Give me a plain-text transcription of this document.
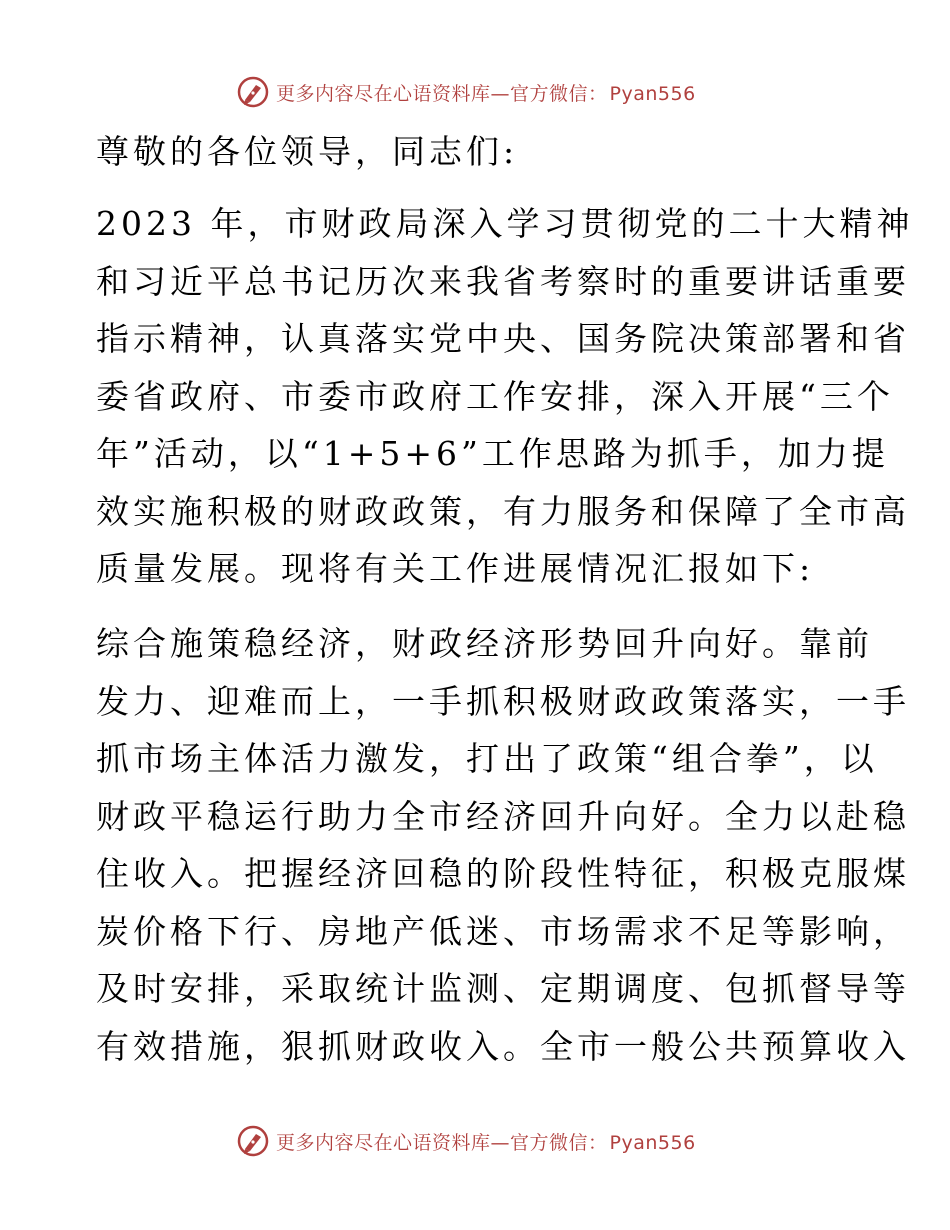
更多内容尽在心语资料库—官方微信： Pyan556
尊敬的各位领导，同志们:
2023 年，市财政局深入学习贯彻党的二十大精神
和习近平总书记历次来我省考察时的重要讲话重要
指示精神，认真落实党中央、国务院决策部署和省
委省政府、市委市政府工作安排，深入开展“三个
年”活动，以“1+5+6”工作思路为抓手，加力提
效实施积极的财政政策，有力服务和保障了全市高
质量发展。现将有关工作进展情况汇报如下:
综合施策稳经济，财政经济形势回升向好。靠前
发力、迎难而上，一手抓积极财政政策落实，一手
抓市场主体活力激发，打出了政策“组合拳”，以
财政平稳运行助力全市经济回升向好。全力以赴稳
住收入。把握经济回稳的阶段性特征，积极克服煤
炭价格下行、房地产低迷、市场需求不足等影响，
及时安排，采取统计监测、定期调度、包抓督导等
有效措施，狠抓财政收入。全市一般公共预算收入
更多内容尽在心语资料库—官方微信： Pyan556
